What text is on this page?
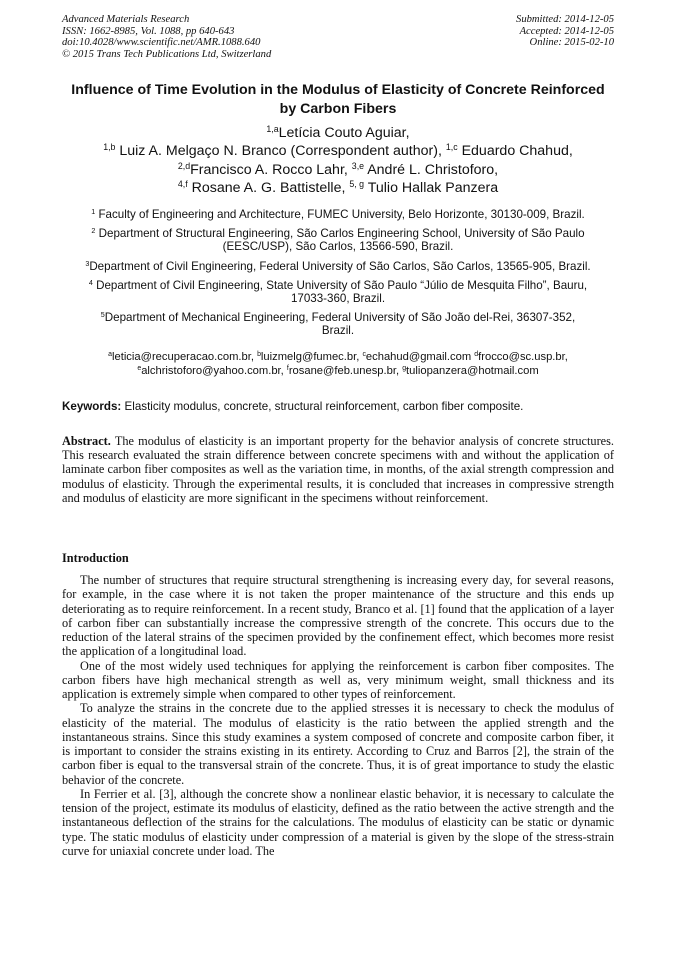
Advanced Materials Research
ISSN: 1662-8985, Vol. 1088, pp 640-643
doi:10.4028/www.scientific.net/AMR.1088.640
© 2015 Trans Tech Publications Ltd, Switzerland
Submitted: 2014-12-05
Accepted: 2014-12-05
Online: 2015-02-10
Influence of Time Evolution in the Modulus of Elasticity of Concrete Reinforced by Carbon Fibers
$^{1,a}$Letícia Couto Aguiar,
$^{1,b}$ Luiz A. Melgaço N. Branco (Correspondent author), $^{1,c}$ Eduardo Chahud,
$^{2,d}$Francisco A. Rocco Lahr, $^{3,e}$ André L. Christoforo,
$^{4,f}$ Rosane A. G. Battistelle, $^{5, g}$ Tulio Hallak Panzera
$^1$ Faculty of Engineering and Architecture, FUMEC University, Belo Horizonte, 30130-009, Brazil.
$^2$ Department of Structural Engineering, São Carlos Engineering School, University of São Paulo (EESC/USP), São Carlos, 13566-590, Brazil.
$^3$Department of Civil Engineering, Federal University of São Carlos, São Carlos, 13565-905, Brazil.
$^4$ Department of Civil Engineering, State University of São Paulo “Júlio de Mesquita Filho”, Bauru, 17033-360, Brazil.
$^5$Department of Mechanical Engineering, Federal University of São João del-Rei, 36307-352, Brazil.
$^a$leticia@recuperacao.com.br, $^b$luizmelg@fumec.br, $^c$echahud@gmail.com $^d$frocco@sc.usp.br,
$^e$alchristoforo@yahoo.com.br, $^f$rosane@feb.unesp.br, $^g$tuliopanzera@hotmail.com
Keywords: Elasticity modulus, concrete, structural reinforcement, carbon fiber composite.
Abstract. The modulus of elasticity is an important property for the behavior analysis of concrete structures. This research evaluated the strain difference between concrete specimens with and without the application of laminate carbon fiber composites as well as the variation time, in months, of the axial strength compression and modulus of elasticity. Through the experimental results, it is concluded that increases in compressive strength and modulus of elasticity are more significant in the specimens without reinforcement.
Introduction

The number of structures that require structural strengthening is increasing every day, for several reasons, for example, in the case where it is not taken the proper maintenance of the structure and this ends up deteriorating as to require reinforcement. In a recent study, Branco et al. [1] found that the application of a layer of carbon fiber can substantially increase the compressive strength of the concrete. This occurs due to the reduction of the lateral strains of the specimen provided by the confinement effect, which becomes more resist the application of a longitudinal load.

One of the most widely used techniques for applying the reinforcement is carbon fiber composites. The carbon fibers have high mechanical strength as well as, very minimum weight, small thickness and its application is extremely simple when compared to other types of reinforcement.

To analyze the strains in the concrete due to the applied stresses it is necessary to check the modulus of elasticity of the material. The modulus of elasticity is the ratio between the applied strength and the instantaneous strains. Since this study examines a system composed of concrete and composite carbon fiber, it is important to consider the strains existing in its entirety. According to Cruz and Barros [2], the strain of the carbon fiber is equal to the transversal strain of the concrete. Thus, it is of great importance to study the elastic behavior of the concrete.

In Ferrier et al. [3], although the concrete show a nonlinear elastic behavior, it is necessary to calculate the tension of the project, estimate its modulus of elasticity, defined as the ratio between the active strength and the instantaneous deflection of the strains for the calculations. The modulus of elasticity can be static or dynamic type. The static modulus of elasticity under compression of a material is given by the slope of the stress-strain curve for uniaxial concrete under load. The
